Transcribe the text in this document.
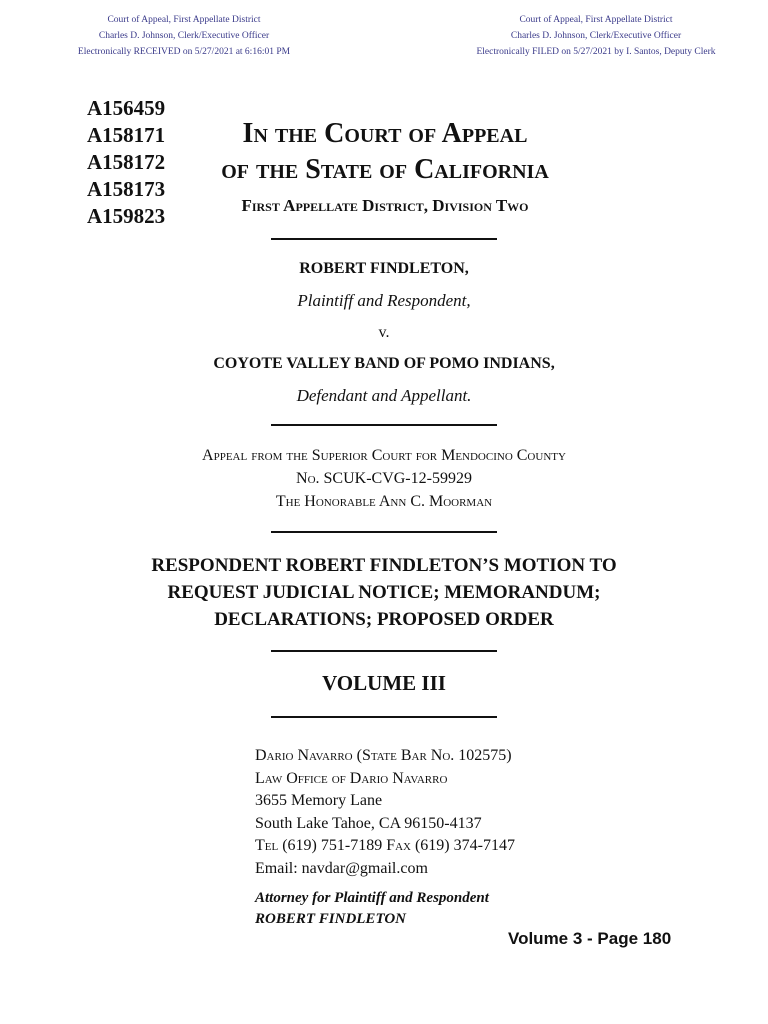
Court of Appeal, First Appellate District
Charles D. Johnson, Clerk/Executive Officer
Electronically RECEIVED on 5/27/2021 at 6:16:01 PM
Court of Appeal, First Appellate District
Charles D. Johnson, Clerk/Executive Officer
Electronically FILED on 5/27/2021 by I. Santos, Deputy Clerk
A156459
A158171
A158172
A158173
A159823
In the Court of Appeal
of the State of California
First Appellate District, Division Two
ROBERT FINDLETON,
Plaintiff and Respondent,
v.
COYOTE VALLEY BAND OF POMO INDIANS,
Defendant and Appellant.
Appeal from the Superior Court for Mendocino County
No. SCUK-CVG-12-59929
The Honorable Ann C. Moorman
RESPONDENT ROBERT FINDLETON’S MOTION TO
REQUEST JUDICIAL NOTICE; MEMORANDUM;
DECLARATIONS; PROPOSED ORDER
VOLUME III
Dario Navarro (State Bar No. 102575)
Law Office of Dario Navarro
3655 Memory Lane
South Lake Tahoe, CA 96150-4137
Tel (619) 751-7189 Fax (619) 374-7147
Email: navdar@gmail.com
Attorney for Plaintiff and Respondent
ROBERT FINDLETON
Volume 3 - Page 180
